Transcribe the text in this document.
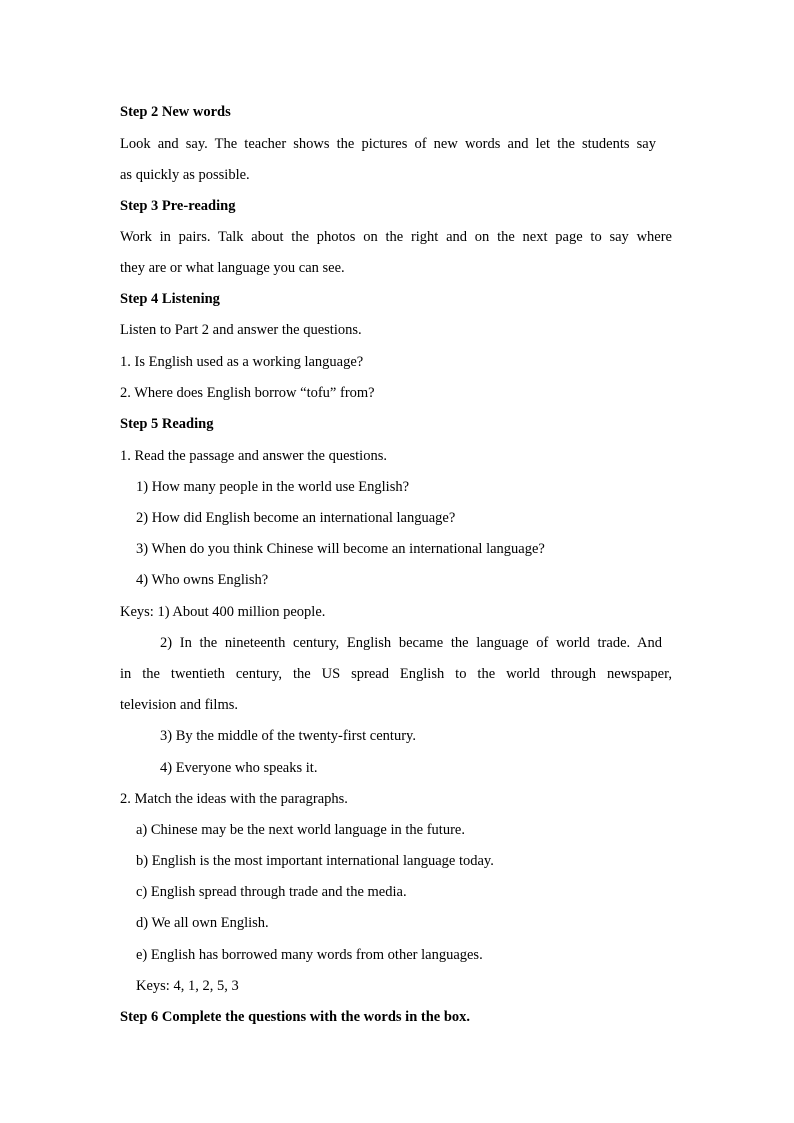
Step 2 New words
Look and say. The teacher shows the pictures of new words and let the students say
as quickly as possible.
Step 3 Pre-reading
Work in pairs. Talk about the photos on the right and on the next page to say where
they are or what language you can see.
Step 4 Listening
Listen to Part 2 and answer the questions.
1. Is English used as a working language?
2. Where does English borrow “tofu” from?
Step 5 Reading
1. Read the passage and answer the questions.
1) How many people in the world use English?
2) How did English become an international language?
3) When do you think Chinese will become an international language?
4) Who owns English?
Keys: 1) About 400 million people.
2) In the nineteenth century, English became the language of world trade. And
in the twentieth century, the US spread English to the world through newspaper,
television and films.
3) By the middle of the twenty-first century.
4) Everyone who speaks it.
2. Match the ideas with the paragraphs.
a) Chinese may be the next world language in the future.
b) English is the most important international language today.
c) English spread through trade and the media.
d) We all own English.
e) English has borrowed many words from other languages.
Keys: 4, 1, 2, 5, 3
Step 6 Complete the questions with the words in the box.
